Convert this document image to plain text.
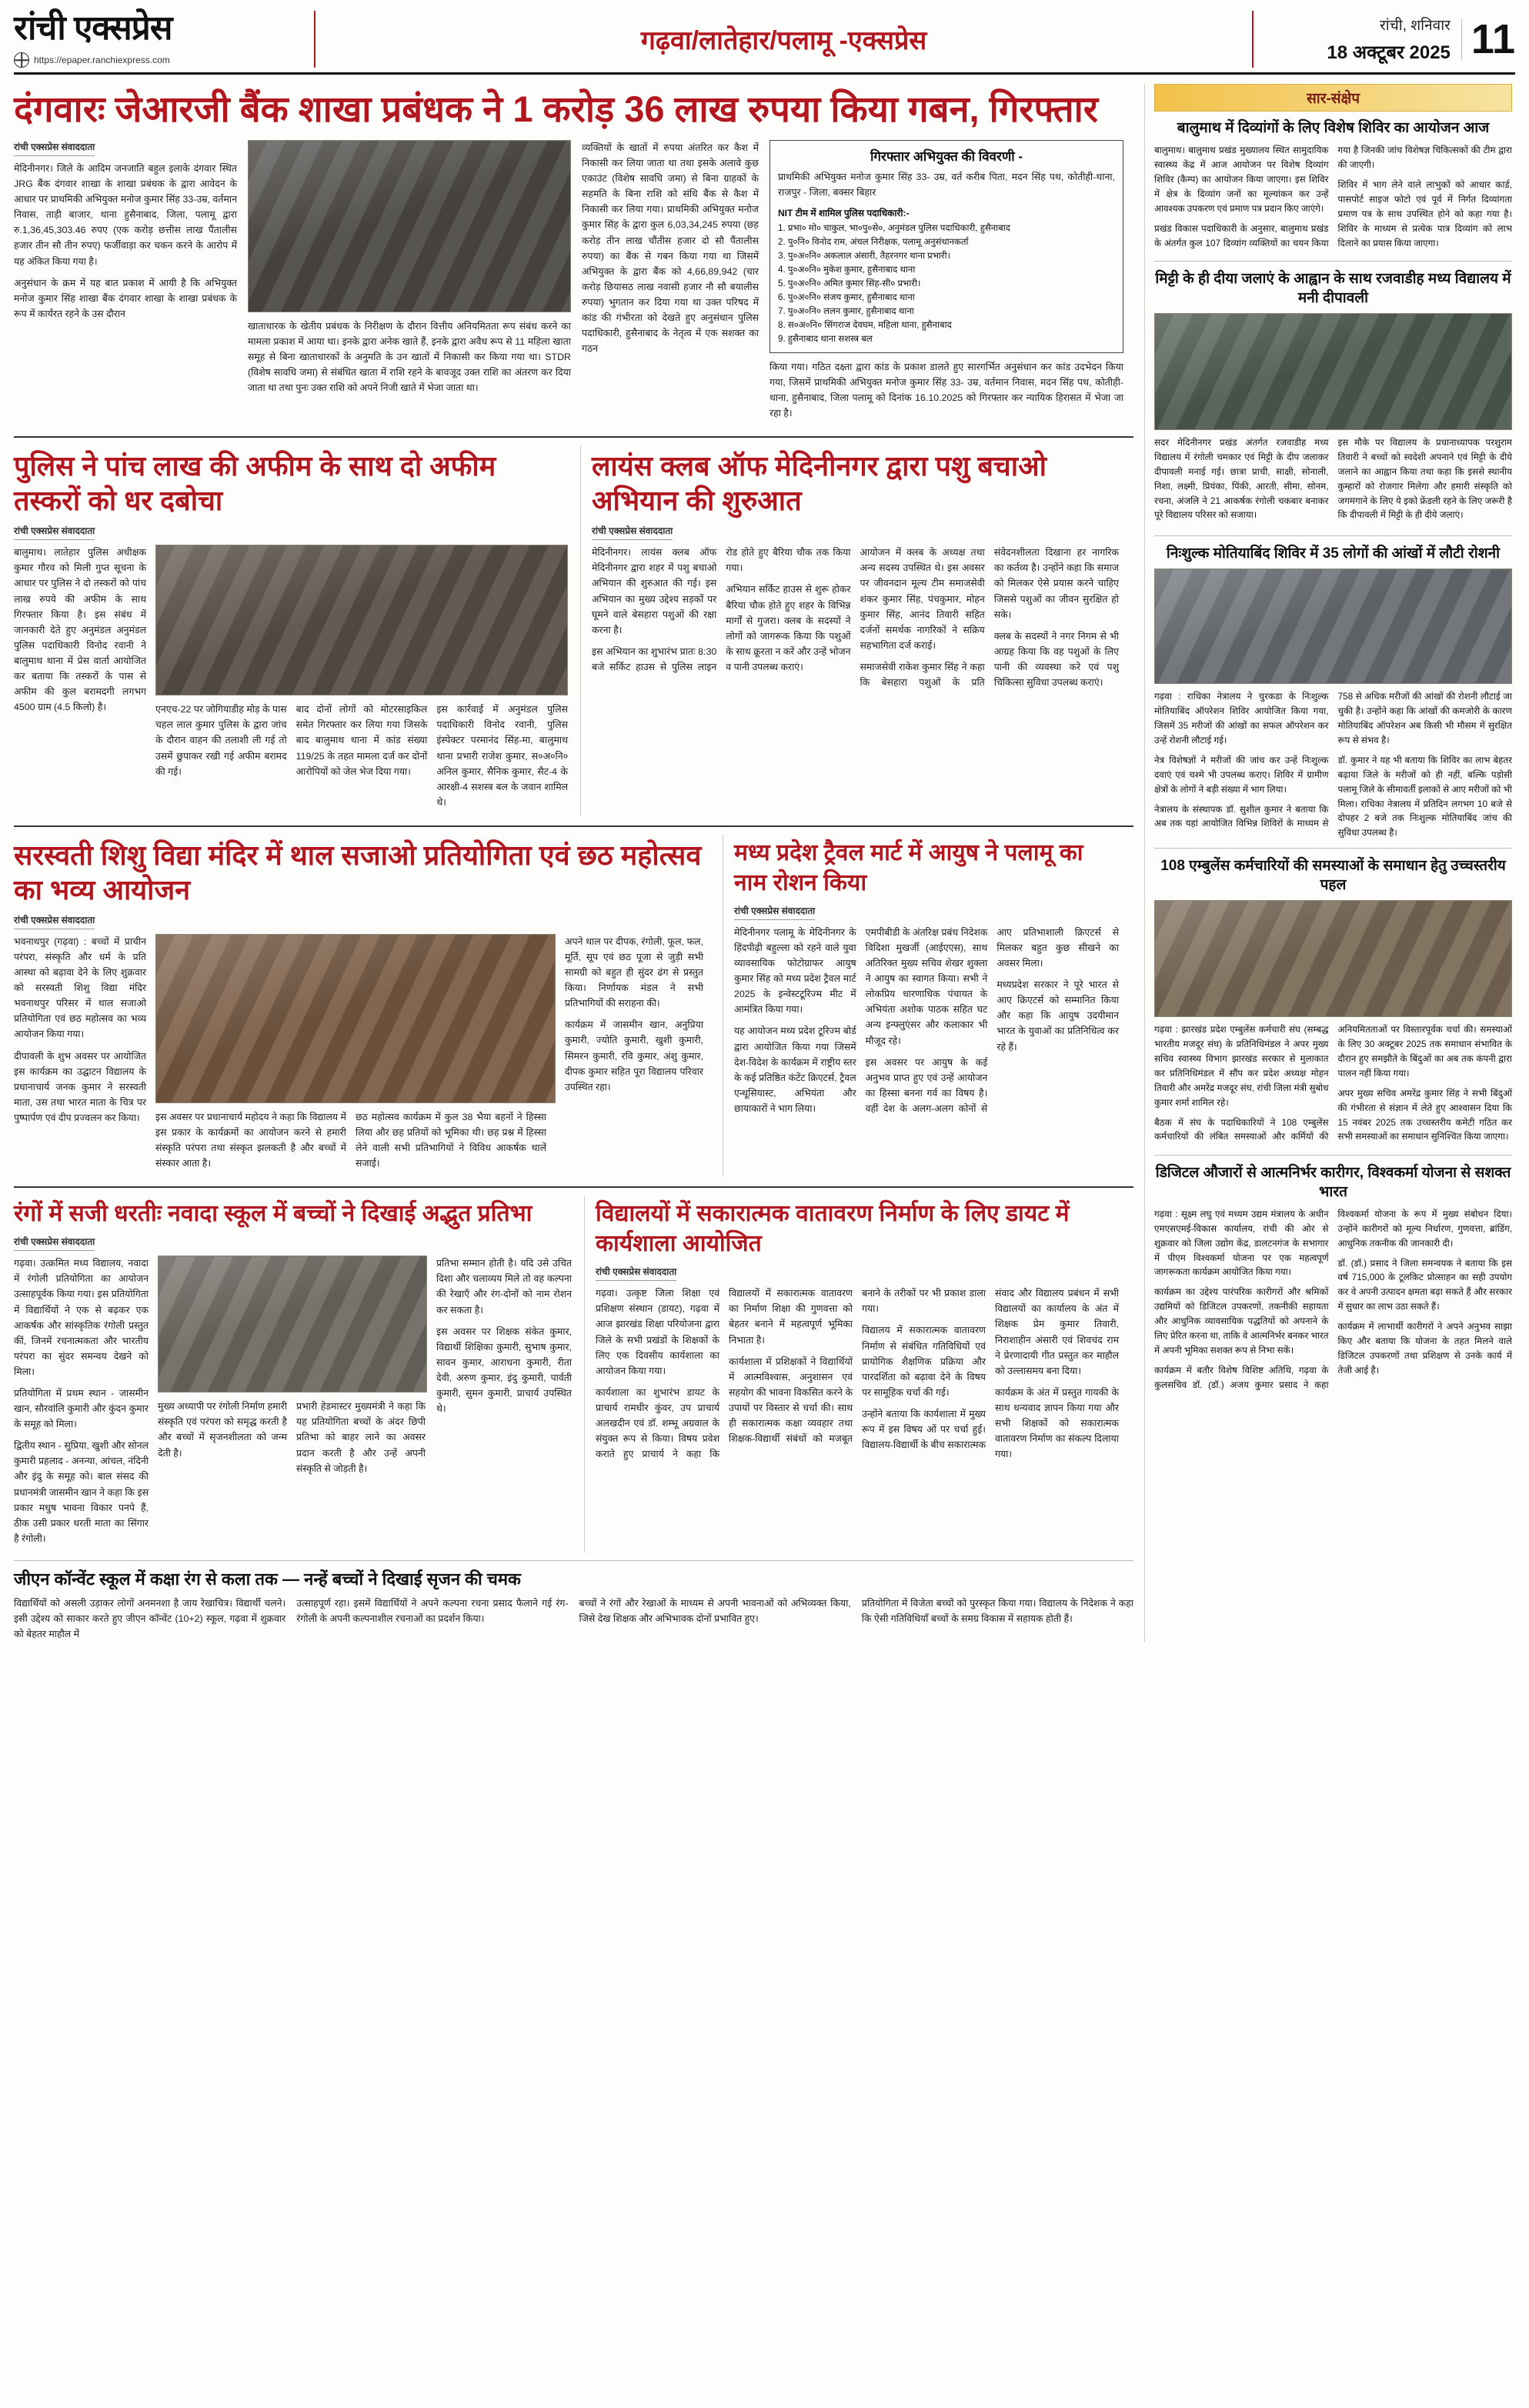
रांची एक्सप्रेस
https://epaper.ranchiexpress.com
गढ़वा/लातेहार/पलामू -एक्सप्रेस
रांची, शनिवार
18 अक्टूबर 2025 11
दंगवारः जेआरजी बैंक शाखा प्रबंधक ने 1 करोड़ 36 लाख रुपया किया गबन, गिरफ्तार
रांची एक्सप्रेस संवाददाता

मेदिनीनगर। जिले के आदिम जनजाति बहुल इलाके दंगवार स्थित JRG बैंक दंगवार शाखा के शाखा प्रबंधक के द्वारा आवेदन के आधार पर प्राथमिकी अभियुक्त मनोज कुमार सिंह 33-उम्र, वर्तमान निवास, ताड़ी बाजार, थाना हुसैनाबाद, जिला, पलामू द्वारा रु.1,36,45,303.46 रुपए (एक करोड़ छत्तीस लाख पैंतालीस हजार तीन सौ तीन रुपए) फर्जीवाड़ा कर चकन करने के आरोप में यह अंकित किया गया है।

अनुसंधान के क्रम में यह बात प्रकाश में आयी है कि अभियुक्त मनोज कुमार सिंह शाखा बैंक दंगवार शाखा के शाखा प्रबंधक के रूप में कार्यरत रहने के उस दौरान

खाताधारक के खेतीय प्रबंधक के निरीक्षण के दौरान वित्तीय अनियमितता रूप संबंध करने का मामला प्रकाश में आया था। इनके द्वारा अनेक खाते हैं, इनके द्वारा अवैध रूप से 11 महिला खाता समूह से बिना खाताधारकों के अनुमति के उन खातों में निकासी कर किया गया था। STDR (विशेष सावधि जमा) से संबंधित खाता में राशि रहने के बावजूद उक्त राशि का अंतरण कर दिया जाता था तथा पुनः उक्त राशि को अपने निजी खाते में भेजा जाता था।

व्यक्तियों के खातों में रुपया अंतरित कर कैश में निकासी कर लिया जाता था तथा इसके अलावे कुछ एकाउंट (विशेष सावधि जमा) से बिना ग्राहकों के सहमति के बिना राशि को संधि बैंक से कैश में निकासी कर लिया गया। प्राथमिकी अभियुक्त मनोज कुमार सिंह के द्वारा कुल 6,03,34,245 रुपया (छह करोड़ तीन लाख चौंतीस हजार दो सौ पैंतालीस रुपया) का बैंक से गबन किया गया था जिसमें अभियुक्त के द्वारा बैंक को 4,66,89,942 (चार करोड़ छियासठ लाख नवासी हजार नौ सौ बयालीस रुपया) भुगतान कर दिया गया था उक्त परिषद में कांड की गंभीरता को देखते हुए अनुसंधान पुलिस पदाधिकारी, हुसैनाबाद के नेतृत्व में एक सशक्त का गठन

गिरफ्तार अभियुक्त की विवरणी -

प्राथमिकी अभियुक्त मनोज कुमार सिंह 33- उम्र, वर्त करीब पिता, मदन सिंह पथ, कोतीही-थाना, राजपुर - जिला, बक्सर बिहार

NIT टीम में शामिल पुलिस पदाधिकारी:-
1. प्रभा० मो० चाकुल, भा०पु०से०, अनुमंडल पुलिस पदाधिकारी, हुसैनाबाद
2. पु०नि० विनोद राम, अंचल निरीक्षक, पलामू अनुसंधानकर्ता
3. पु०अ०नि० अकलाल अंसारी, तैहरनगर थाना प्रभारी।
4. पु०अ०नि० मुकेश कुमार, हुसैनाबाद थाना
5. पु०अ०नि० अमित कुमार सिंह-सी० प्रभारी।
6. पु०अ०नि० संजय कुमार, हुसैनाबाद थाना
7. पु०अ०नि० ललन कुमार, हुसैनाबाद थाना
8. स०अ०नि० सिंगराज देवघम, महिला थाना, हुसैनाबाद
9. हुसैनाबाद थाना सशस्त्र बल

किया गया। गठित दक्ष्ता द्वारा कांड के प्रकाश डालते हुए सारगर्भित अनुसंधान कर कांड उदभेदन किया गया, जिसमें प्राथमिकी अभियुक्त मनोज कुमार सिंह 33- उम्र, वर्तमान निवास, मदन सिंह पथ, कोतीही-थाना, हुसैनाबाद, जिला पलामू को दिनांक 16.10.2025 को गिरफ्तार कर न्यायिक हिरासत में भेजा जा रहा है।

पुलिस ने पांच लाख की अफीम के साथ दो अफीम तस्करों को धर दबोचा
रांची एक्सप्रेस संवाददाता

बालुमाथ। लातेहार पुलिस अधीक्षक कुमार गौरव को मिली गुप्त सूचना के आधार पर पुलिस ने दो तस्करों को पांच लाख रुपये की अफीम के साथ गिरफ्तार किया है। इस संबंध में जानकारी देते हुए अनुमंडल अनुमंडल पुलिस पदाधिकारी विनोद रवानी ने बालुमाथ थाना में प्रेस वार्ता आयोजित कर बताया कि तस्करों के पास से अफीम की कुल बरामदगी लगभग 4500 ग्राम (4.5 किलो) है।	एनएच-22 पर जोगियाडीह मोड़ के पास चहल लाल कुमार पुलिस के द्वारा जांच के दौरान वाहन की तलाशी ली गई तो उसमें छुपाकर रखी गई अफीम बरामद की गई।

बाद दोनों लोगों को मोटरसाइकिल समेत गिरफ्तार कर लिया गया जिसके बाद बालुमाथ थाना में कांड संख्या 119/25 के तहत मामला दर्ज कर दोनों आरोपियों को जेल भेज दिया गया।

इस कार्रवाई में अनुमंडल पुलिस पदाधिकारी विनोद रवानी, पुलिस इंस्पेक्टर परमानंद सिंह-मा, बालुमाथ थाना प्रभारी राजेश कुमार, स०अ०नि० अनिल कुमार, सैनिक कुमार, सैट-4 के आरक्षी-4 सशस्त्र बल के जवान शामिल थे।

लायंस क्लब ऑफ मेदिनीनगर द्वारा पशु बचाओ अभियान की शुरुआत
रांची एक्सप्रेस संवाददाता

मेदिनीनगर। लायंस क्लब ऑफ मेदिनीनगर द्वारा शहर में पशु बचाओ अभियान की शुरुआत की गई। इस अभियान का मुख्य उद्देश्य सड़कों पर घूमने वाले बेसहारा पशुओं की रक्षा करना है।

इस अभियान का शुभारंभ प्रातः 8:30 बजे सर्किट हाउस से पुलिस लाइन रोड होते हुए बैरिया चौक तक किया गया।

अभियान सर्किट हाउस से शुरू होकर बैरिया चौक होते हुए शहर के विभिन्न मार्गों से गुजरा। क्लब के सदस्यों ने लोगों को जागरूक किया कि पशुओं के साथ क्रूरता न करें और उन्हें भोजन व पानी उपलब्ध कराएं।

आयोजन में क्लब के अध्यक्ष तथा अन्य सदस्य उपस्थित थे। इस अवसर पर जीवनदान मूल्य टीम समाजसेवी शंकर कुमार सिंह, पंचकुमार, मोहन कुमार सिंह, आनंद तिवारी सहित दर्जनों समर्थक नागरिकों ने सक्रिय सहभागिता दर्ज कराई।

समाजसेवी राकेश कुमार सिंह ने कहा कि बेसहारा पशुओं के प्रति संवेदनशीलता दिखाना हर नागरिक का कर्तव्य है। उन्होंने कहा कि समाज को मिलकर ऐसे प्रयास करने चाहिए जिससे पशुओं का जीवन सुरक्षित हो सके।

क्लब के सदस्यों ने नगर निगम से भी आग्रह किया कि वह पशुओं के लिए पानी की व्यवस्था करे एवं पशु चिकित्सा सुविधा उपलब्ध कराएं।

सरस्वती शिशु विद्या मंदिर में थाल सजाओ प्रतियोगिता एवं छठ महोत्सव का भव्य आयोजन
रांची एक्सप्रेस संवाददाता

भवनाथपुर (गढ़वा) : बच्चों में प्राचीन परंपरा, संस्कृति और धर्म के प्रति आस्था को बढ़ावा देने के लिए शुक्रवार को सरस्वती शिशु विद्या मंदिर भवनाथपुर परिसर में थाल सजाओ प्रतियोगिता एवं छठ महोत्सव का भव्य आयोजन किया गया।

दीपावली के शुभ अवसर पर आयोजित इस कार्यक्रम का उद्घाटन विद्यालय के प्रधानाचार्य जनक कुमार ने सरस्वती माता, उस तथा भारत माता के चित्र पर पुष्पार्पण एवं दीप प्रज्वलन कर किया।	इस अवसर पर प्रधानाचार्य महोदय ने कहा कि विद्यालय में इस प्रकार के कार्यक्रमों का आयोजन करने से हमारी संस्कृति परंपरा तथा संस्कृत झलकती है और बच्चों में संस्कार आता है।

छठ महोत्सव कार्यक्रम में कुल 38 भैया बहनों ने हिस्सा लिया और छह प्रतियों को भूमिका थी। छह प्रश्न में हिस्सा लेने वाली सभी प्रतिभागियों ने विविध आकर्षक थालें सजाई।

अपने थाल पर दीपक, रंगोली, फूल, फल, मूर्ति, सूप एवं छठ पूजा से जुड़ी सभी सामग्री को बहुत ही सुंदर ढंग से प्रस्तुत किया। निर्णायक मंडल ने सभी प्रतिभागियों की सराहना की।

कार्यक्रम में जासमीन खान, अनुप्रिया कुमारी, ज्योति कुमारी, खुशी कुमारी, सिमरन कुमारी, रवि कुमार, अंशु कुमार, दीपक कुमार सहित पूरा विद्यालय परिवार उपस्थित रहा।

मध्य प्रदेश ट्रैवल मार्ट में आयुष ने पलामू का नाम रोशन किया
रांची एक्सप्रेस संवाददाता

मेदिनीनगर पलामू के मेदिनीनगर के हिंदपीढ़ी बहुल्ला को रहने वाले युवा व्यावसायिक फोटोग्राफर आयुष कुमार सिंह को मध्य प्रदेश ट्रैवल मार्ट 2025 के इन्वेस्टटूरिज्म मीट में आमंत्रित किया गया।

यह आयोजन मध्य प्रदेश टूरिज्म बोर्ड द्वारा आयोजित किया गया जिसमें देश-विदेश के कार्यक्रम में राष्ट्रीय स्तर के कई प्रतिष्ठित कंटेंट क्रिएटर्स, ट्रैवल एन्थूसियास्ट, अभियंता और छायाकारों ने भाग लिया।

एमपीबीडी के अंतरिक्ष प्रबंध निदेशक विदिशा मुखर्जी (आईएएस), साथ अतिरिक्त मुख्य सचिव शेखर शुक्ला ने आयुष का स्वागत किया। सभी ने लोकप्रिय धारणाधिक पंचायत के अभियंता अशोक पाठक सहित घट अन्य इन्फ्लुएंसर और कलाकार भी मौजूद रहे।

इस अवसर पर आयुष के कई अनुभव प्राप्त हुए एवं उन्हें आयोजन का हिस्सा बनना गर्व का विषय है। वहीं देश के अलग-अलग कोनों से आए प्रतिभाशाली क्रिएटर्स से मिलकर बहुत कुछ सीखने का अवसर मिला।

मध्यप्रदेश सरकार ने पूरे भारत से आए क्रिएटर्स को सम्मानित किया और कहा कि आयुष उदयीमान भारत के युवाओं का प्रतिनिधित्व कर रहे हैं।

रंगों में सजी धरतीः नवादा स्कूल में बच्चों ने दिखाई अद्भुत प्रतिभा
रांची एक्सप्रेस संवाददाता

गढ़वा। उत्क्रमित मध्य विद्यालय, नवादा में रंगोली प्रतियोगिता का आयोजन उत्साहपूर्वक किया गया। इस प्रतियोगिता में विद्यार्थियों ने एक से बढ़कर एक आकर्षक और सांस्कृतिक रंगोली प्रस्तुत कीं, जिनमें रचनात्मकता और भारतीय परंपरा का सुंदर समन्वय देखने को मिला।

प्रतियोगिता में प्रथम स्थान - जासमीन खान, सौरवांलि कुमारी और कुंदन कुमार के समूह को मिला।

द्वितीय स्थान - सुप्रिया, खुशी और सोनल कुमारी प्रहलाद - अनन्या, आंचल, नंदिनी और इंदु के समूह को। बाल संसद की प्रधानमंत्री जासमीन खान ने कहा कि इस प्रकार मधुष भावना विकार पनपे हैं, ठीक उसी प्रकार धरती माता का सिंगार है रंगोली।

मुख्य अध्यापी पर रंगोली निर्माण हमारी संस्कृति एवं परंपरा को समृद्ध करती है और बच्चों में सृजनशीलता को जन्म देती है।

प्रभारी हेडमास्टर मुख्यमंत्री ने कहा कि यह प्रतियोगिता बच्चों के अंदर छिपी प्रतिभा को बाहर लाने का अवसर प्रदान करती है और उन्हें अपनी संस्कृति से जोड़ती है।

प्रतिभा सम्मान होती है। यदि उसे उचित दिशा और चलाव्यय मिले तो वह कल्पना की रेखाएँ और रंग-दोनों को नाम रोशन कर सकता है।

इस अवसर पर शिक्षक संकेत कुमार, विद्यार्थी शिक्षिका कुमारी, सुभाष कुमार, सावन कुमार, आराधना कुमारी, रीता देवी, अरुण कुमार, इंदु कुमारी, पार्वती कुमारी, सुमन कुमारी, प्राचार्य उपस्थित थे।

विद्यालयों में सकारात्मक वातावरण निर्माण के लिए डायट में कार्यशाला आयोजित
रांची एक्सप्रेस संवाददाता

गढ़वा। उत्कृष्ट जिला शिक्षा एवं प्रशिक्षण संस्थान (डायट), गढ़वा में आज झारखंड शिक्षा परियोजना द्वारा जिले के सभी प्रखंडों के शिक्षकों के लिए एक दिवसीय कार्यशाला का आयोजन किया गया।

कार्यशाला का शुभारंभ डायट के प्राचार्य रामधीर कुंवर, उप प्राचार्य अलखदीन एवं डॉ. शम्भू अग्रवाल के संयुक्त रूप से किया। विषय प्रवेश कराते हुए प्राचार्य ने कहा कि विद्यालयों में सकारात्मक वातावरण का निर्माण शिक्षा की गुणवत्ता को बेहतर बनाने में महत्वपूर्ण भूमिका निभाता है।

कार्यशाला में प्रशिक्षकों ने विद्यार्थियों में आत्मविश्वास, अनुशासन एवं सहयोग की भावना विकसित करने के उपायों पर विस्तार से चर्चा की। साथ ही सकारात्मक कक्षा व्यवहार तथा शिक्षक-विद्यार्थी संबंधों को मजबूत बनाने के तरीकों पर भी प्रकाश डाला गया।

विद्यालय में सकारात्मक वातावरण निर्माण से संबंधित गतिविधियों एवं प्रायोगिक शैक्षणिक प्रक्रिया और पारदर्शिता को बढ़ावा देने के विषय पर सामूहिक चर्चा की गई।

उन्होंने बताया कि कार्यशाला में मुख्य रूप में इस विषय ओं पर चर्चा हुई। विद्यालय-विद्यार्थी के बीच सकारात्मक संवाद और विद्यालय प्रबंधन में सभी विद्यालयों का कार्यालय के अंत में शिक्षक प्रेम कुमार तिवारी, निराशाहीन अंसारी एवं शिवचंद राम ने प्रेरणादायी गीत प्रस्तुत कर माहौल को उल्लासमय बना दिया।

कार्यक्रम के अंत में प्रस्तुत गायकी के साथ धन्यवाद ज्ञापन किया गया और सभी शिक्षकों को सकारात्मक वातावरण निर्माण का संकल्प दिलाया गया।

जीएन कॉन्वेंट स्कूल में कक्षा रंग से कला तक — नन्हें बच्चों ने दिखाई सृजन की चमक

विद्यार्थियों को असली उड़ाकर लोगों अनमनशा है जाय रेखाचित्र। विद्यार्थी चलने। इसी उद्देश्य को साकार करते हुए जीएन कॉन्वेंट (10+2) स्कूल, गढ़वा में शुक्रवार को बेहतर माहौल में

उत्साहपूर्ण रहा। इसमें विद्यार्थियों ने अपने कल्पना रचना प्रसाद फैलाने गई रंग-रंगोली के अपनी कल्पनाशील रचनाओं का प्रदर्शन किया।

बच्चों ने रंगों और रेखाओं के माध्यम से अपनी भावनाओं को अभिव्यक्त किया, जिसे देख शिक्षक और अभिभावक दोनों प्रभावित हुए।

प्रतियोगिता में विजेता बच्चों को पुरस्कृत किया गया। विद्यालय के निदेशक ने कहा कि ऐसी गतिविधियाँ बच्चों के समग्र विकास में सहायक होती हैं।

सार-संक्षेप
बालुमाथ में दिव्यांगों के लिए विशेष शिविर का आयोजन आज

बालुमाथ। बालुमाथ प्रखंड मुख्यालय स्थित सामुदायिक स्वास्थ्य केंद्र में आज आयोजन पर विशेष दिव्यांग शिविर (कैम्प) का आयोजन किया जाएगा। इस शिविर में क्षेत्र के दिव्यांग जनों का मूल्यांकन कर उन्हें आवश्यक उपकरण एवं प्रमाण पत्र प्रदान किए जाएंगे।

प्रखंड विकास पदाधिकारी के अनुसार, बालुमाथ प्रखंड के अंतर्गत कुल 107 दिव्यांग व्यक्तियों का चयन किया गया है जिनकी जांच विशेषज्ञ चिकित्सकों की टीम द्वारा की जाएगी।

शिविर में भाग लेने वाले लाभुकों को आधार कार्ड, पासपोर्ट साइज फोटो एवं पूर्व में निर्गत दिव्यांगता प्रमाण पत्र के साथ उपस्थित होने को कहा गया है। शिविर के माध्यम से प्रत्येक पात्र दिव्यांग को लाभ दिलाने का प्रयास किया जाएगा।

मिट्टी के ही दीया जलाएं के आह्वान के साथ रजवाडीह मध्य विद्यालय में मनी दीपावली

सदर मेदिनीनगर प्रखंड अंतर्गत रजवाडीह मध्य विद्यालय में रंगोली चमकार एवं मिट्टी के दीप जलाकर दीपावली मनाई गई। छात्रा प्राची, साक्षी, सोनाली, निशा, लक्ष्मी, प्रियंका, पिंकी, आरती, सीमा, सोनम, रचना, अंजलि ने 21 आकर्षक रंगोली चकबार बनाकर पूरे विद्यालय परिसर को सजाया।

इस मौके पर विद्यालय के प्रधानाध्यापक परशुराम तिवारी ने बच्चों को स्वदेशी अपनाने एवं मिट्टी के दीये जलाने का आह्वान किया तथा कहा कि इससे स्थानीय कुम्हारों को रोजगार मिलेगा और हमारी संस्कृति को जगमगाने के लिए ये इको फ्रेंडली रहने के लिए जरूरी है कि दीपावली में मिट्टी के ही दीये जलाएं।

निःशुल्क मोतियाबिंद शिविर में 35 लोगों की आंखों में लौटी रोशनी

गढ़वा : राधिका नेत्रालय ने चुरकडा के निःशुल्क मोतियाबिंद ऑपरेशन शिविर आयोजित किया गया, जिसमें 35 मरीजों की आंखों का सफल ऑपरेशन कर उन्हें रोशनी लौटाई गई।

नेत्र विशेषज्ञों ने मरीजों की जांच कर उन्हें निःशुल्क दवाएं एवं चश्मे भी उपलब्ध कराए। शिविर में ग्रामीण क्षेत्रों के लोगों ने बड़ी संख्या में भाग लिया।

नेत्रालय के संस्थापक डॉ. सुशील कुमार ने बताया कि अब तक यहां आयोजित विभिन्न शिविरों के माध्यम से 758 से अधिक मरीजों की आंखों की रोशनी लौटाई जा चुकी है। उन्होंने कहा कि आंखों की कमजोरी के कारण मोतियाबिंद ऑपरेशन अब किसी भी मौसम में सुरक्षित रूप से संभव है।

डॉ. कुमार ने यह भी बताया कि शिविर का लाभ बेहतर बढ़ाया जिले के मरीजों को ही नहीं, बल्कि पड़ोसी पलामू जिले के सीमावर्ती इलाकों से आए मरीजों को भी मिला। राधिका नेत्रालय में प्रतिदिन लगभग 10 बजे से दोपहर 2 बजे तक निःशुल्क मोतियाबिंद जांच की सुविधा उपलब्ध है।

108 एम्बुलेंस कर्मचारियों की समस्याओं के समाधान हेतु उच्चस्तरीय पहल

गढ़वा : झारखंड प्रदेश एम्बुलेंस कर्मचारी संघ (सम्बद्ध भारतीय मजदूर संघ) के प्रतिनिधिमंडल ने अपर मुख्य सचिव स्वास्थ्य विभाग झारखंड सरकार से मुलाकात कर प्रतिनिधिमंडल में सौंप कर प्रदेश अध्यक्ष मोहन तिवारी और अमरेंद्र मजदूर संघ, रांची जिला मंत्री सुबोध कुमार शर्मा शामिल रहे।

बैठक में संघ के पदाधिकारियों ने 108 एम्बुलेंस कर्मचारियों की लंबित समस्याओं और कर्मियों की अनियमितताओं पर विस्तारपूर्वक चर्चा की। समस्याओं के लिए 30 अक्टूबर 2025 तक समाधान संभावित के दौरान हुए समझौते के बिंदुओं का अब तक कंपनी द्वारा पालन नहीं किया गया।

अपर मुख्य सचिव अमरेंद्र कुमार सिंह ने सभी बिंदुओं की गंभीरता से संज्ञान में लेते हुए आश्वासन दिया कि 15 नवंबर 2025 तक उच्चस्तरीय कमेटी गठित कर सभी समस्याओं का समाधान सुनिश्चित किया जाएगा।

डिजिटल औजारों से आत्मनिर्भर कारीगर, विश्वकर्मा योजना से सशक्त भारत

गढ़वा : सूक्ष्म लघु एवं मध्यम उद्यम मंत्रालय के अधीन एमएसएमई-विकास कार्यालय, रांची की ओर से शुक्रवार को जिला उद्योग केंद्र, डालटनगंज के सभागार में पीएम विश्वकर्मा योजना पर एक महत्वपूर्ण जागरूकता कार्यक्रम आयोजित किया गया।

कार्यक्रम का उद्देश्य पारंपरिक कारीगरों और श्रमिकों उद्यमियों को डिजिटल उपकरणों, तकनीकी सहायता और आधुनिक व्यावसायिक पद्धतियों को अपनाने के लिए प्रेरित करना था, ताकि वे आत्मनिर्भर बनकर भारत में अपनी भूमिका सशक्त रूप से निभा सकें।

कार्यक्रम में बतौर विशेष विशिष्ट अतिथि, गढ़वा के कुलसचिव डॉ. (डॉ.) अजय कुमार प्रसाद ने कहा विश्वकर्मा योजना के रूप में मुख्य संबोधन दिया। उन्होंने कारीगरों को मूल्य निर्धारण, गुणवत्ता, ब्रांडिंग, आधुनिक तकनीक की जानकारी दी।

डॉ. (डॉ.) प्रसाद ने जिला समन्वयक ने बताया कि इस वर्ष 715,000 के टूलकिट प्रोत्साहन का सही उपयोग कर वे अपनी उत्पादन क्षमता बढ़ा सकते हैं और सरकार में सुधार का लाभ उठा सकते हैं।

कार्यक्रम में लाभार्थी कारीगरों ने अपने अनुभव साझा किए और बताया कि योजना के तहत मिलने वाले डिजिटल उपकरणों तथा प्रशिक्षण से उनके कार्य में तेजी आई है।
